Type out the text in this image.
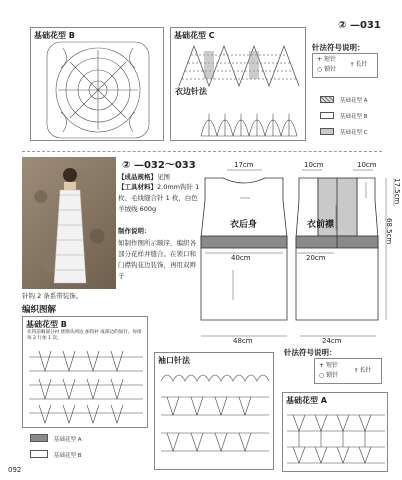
基础花型 B	基础花型 C
衣边针法
② —031
针法符号说明：
+ 短针
○ 锁针
⫯ 长针
基础花型 A
基础花型 B
基础花型 C
② —032～033
【成品规格】见图
【工具材料】2.0mm钩针 1 枚、毛线缝合针 1 枚、白色羊绒线 600g
制作说明：
如制作图所示顺序，编织各部分花样并缝合。在领口和门襟钩花边装饰，再用双辫子
针钩 2 条系带装饰。
编织图解
衣后身	衣前襟
17cm	10cm	10cm
40cm	20cm
48cm	24cm
17.5cm
68.5cm
基础花型 B
先钩前胸部分衬 逐渐从两边 加钩衬 成部边的加针。每排每 2 行加 1 次。
基础花型 A
基础花型 B
袖口针法
针法符号说明：
+ 短针
○ 锁针
⫯ 长针
基础花型 A
092
